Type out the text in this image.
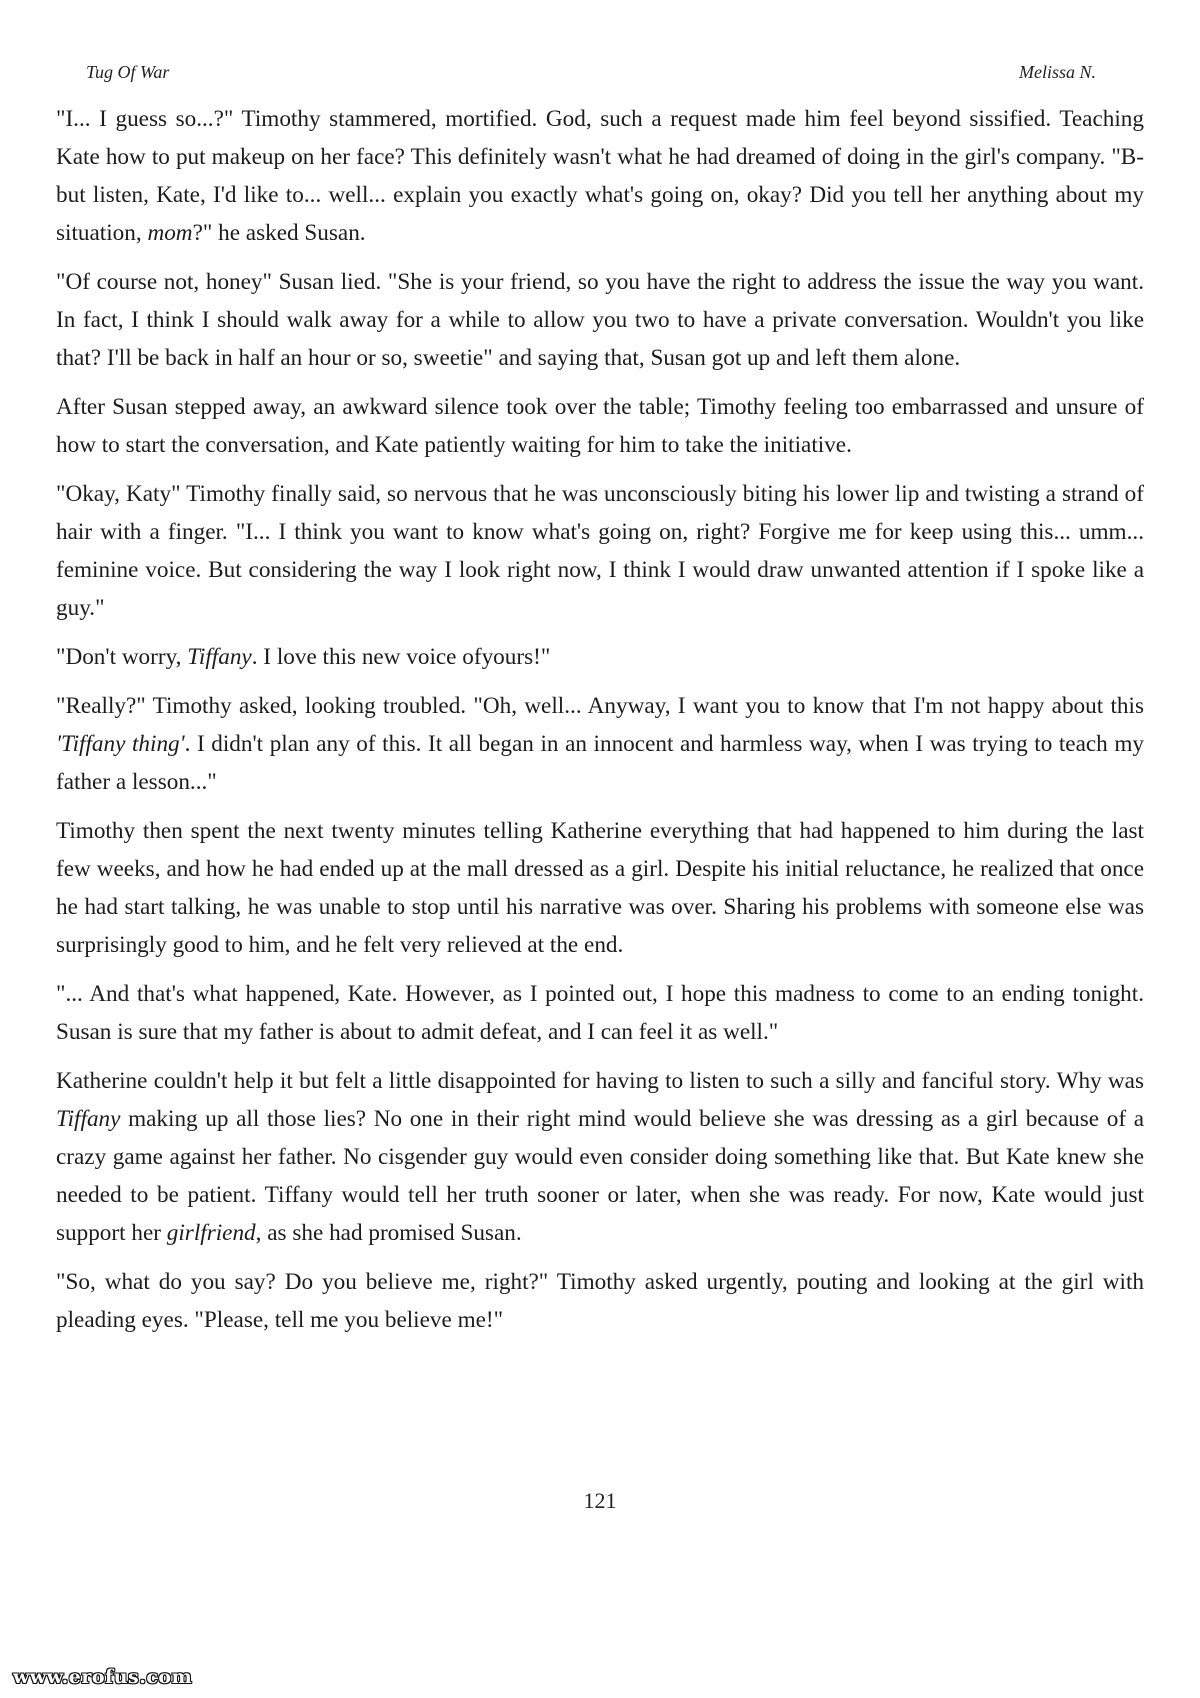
Tug Of War	Melissa N.

"I... I guess so...?" Timothy stammered, mortified. God, such a request made him feel beyond sissified. Teaching Kate how to put makeup on her face? This definitely wasn't what he had dreamed of doing in the girl's company. "B-but listen, Kate, I'd like to... well... explain you exactly what's going on, okay? Did you tell her anything about my situation, mom?" he asked Susan.

"Of course not, honey" Susan lied. "She is your friend, so you have the right to address the issue the way you want. In fact, I think I should walk away for a while to allow you two to have a private conversation. Wouldn't you like that? I'll be back in half an hour or so, sweetie" and saying that, Susan got up and left them alone.

After Susan stepped away, an awkward silence took over the table; Timothy feeling too embarrassed and unsure of how to start the conversation, and Kate patiently waiting for him to take the initiative.

"Okay, Katy" Timothy finally said, so nervous that he was unconsciously biting his lower lip and twisting a strand of hair with a finger. "I... I think you want to know what's going on, right? Forgive me for keep using this... umm... feminine voice. But considering the way I look right now, I think I would draw unwanted attention if I spoke like a guy."

"Don't worry, Tiffany. I love this new voice ofyours!"

"Really?" Timothy asked, looking troubled. "Oh, well... Anyway, I want you to know that I'm not happy about this 'Tiffany thing'. I didn't plan any of this. It all began in an innocent and harmless way, when I was trying to teach my father a lesson..."

Timothy then spent the next twenty minutes telling Katherine everything that had happened to him during the last few weeks, and how he had ended up at the mall dressed as a girl. Despite his initial reluctance, he realized that once he had start talking, he was unable to stop until his narrative was over. Sharing his problems with someone else was surprisingly good to him, and he felt very relieved at the end.

"... And that's what happened, Kate. However, as I pointed out, I hope this madness to come to an ending tonight. Susan is sure that my father is about to admit defeat, and I can feel it as well."

Katherine couldn't help it but felt a little disappointed for having to listen to such a silly and fanciful story. Why was Tiffany making up all those lies? No one in their right mind would believe she was dressing as a girl because of a crazy game against her father. No cisgender guy would even consider doing something like that. But Kate knew she needed to be patient. Tiffany would tell her truth sooner or later, when she was ready. For now, Kate would just support her girlfriend, as she had promised Susan.

"So, what do you say? Do you believe me, right?" Timothy asked urgently, pouting and looking at the girl with pleading eyes. "Please, tell me you believe me!"

121
www.erofus.com
